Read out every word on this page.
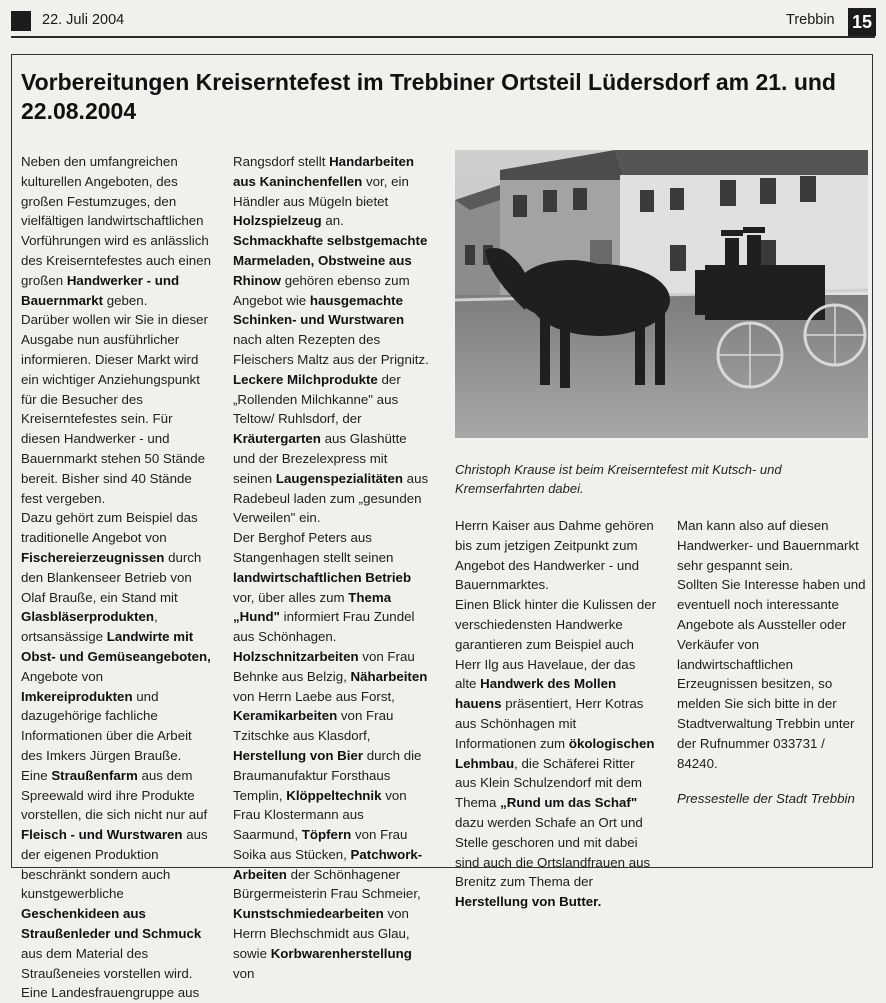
22. Juli 2004	Trebbin 15
Vorbereitungen Kreiserntefest im Trebbiner Ortsteil Lüdersdorf am 21. und 22.08.2004
Neben den umfangreichen kulturellen Angeboten, des großen Festumzuges, den vielfältigen landwirtschaftlichen Vorführungen wird es anlässlich des Kreiserntefestes auch einen großen Handwerker - und Bauernmarkt geben.
Darüber wollen wir Sie in dieser Ausgabe nun ausführlicher informieren. Dieser Markt wird ein wichtiger Anziehungspunkt für die Besucher des Kreiserntefestes sein. Für diesen Handwerker - und Bauernmarkt stehen 50 Stände bereit. Bisher sind 40 Stände fest vergeben.
Dazu gehört zum Beispiel das traditionelle Angebot von Fischereierzeugnissen durch den Blankenseer Betrieb von Olaf Brauße, ein Stand mit Glasbläserprodukten, ortsansässige Landwirte mit Obst- und Gemüseangeboten, Angebote von Imkereiprodukten und dazugehörige fachliche Informationen über die Arbeit des Imkers Jürgen Brauße.
Eine Straußenfarm aus dem Spreewald wird ihre Produkte vorstellen, die sich nicht nur auf Fleisch - und Wurstwaren aus der eigenen Produktion beschränkt sondern auch kunstgewerbliche Geschenkideen aus Straußenleder und Schmuck aus dem Material des Straußeneies vorstellen wird.
Eine Landesfrauengruppe aus
Rangsdorf stellt Handarbeiten aus Kaninchenfellen vor, ein Händler aus Mügeln bietet Holzspielzeug an.
Schmackhafte selbstgemachte Marmeladen, Obstweine aus Rhinow gehören ebenso zum Angebot wie hausgemachte Schinken- und Wurstwaren nach alten Rezepten des Fleischers Maltz aus der Prignitz.
Leckere Milchprodukte der „Rollenden Milchkanne" aus Teltow/ Ruhlsdorf, der Kräutergarten aus Glashütte und der Brezelexpress mit seinen Laugenspezialitäten aus Radebeul laden zum „gesunden Verweilen" ein.
Der Berghof Peters aus Stangenhagen stellt seinen landwirtschaftlichen Betrieb vor, über alles zum Thema „Hund" informiert Frau Zundel aus Schönhagen.
Holzschnitzarbeiten von Frau Behnke aus Belzig, Näharbeiten von Herrn Laebe aus Forst, Keramikarbeiten von Frau Tzitschke aus Klasdorf, Herstellung von Bier durch die Braumanufaktur Forsthaus Templin, Klöppeltechnik von Frau Klostermann aus Saarmund, Töpfern von Frau Soika aus Stücken, Patchwork-Arbeiten der Schönhagener Bürgermeisterin Frau Schmeier, Kunstschmiedearbeiten von Herrn Blechschmidt aus Glau, sowie Korbwarenherstellung von

Christoph Krause ist beim Kreiserntefest mit Kutsch- und Kremserfahrten dabei.

Herrn Kaiser aus Dahme gehören bis zum jetzigen Zeitpunkt zum Angebot des Handwerker - und Bauernmarktes.
Einen Blick hinter die Kulissen der verschiedensten Handwerke garantieren zum Beispiel auch Herr Ilg aus Havelaue, der das alte Handwerk des Mollen hauens präsentiert, Herr Kotras aus Schönhagen mit Informationen zum ökologischen Lehmbau, die Schäferei Ritter aus Klein Schulzendorf mit dem Thema „Rund um das Schaf" dazu werden Schafe an Ort und Stelle geschoren und mit dabei sind auch die Ortslandfrauen aus Brenitz zum Thema der Herstellung von Butter.
Man kann also auf diesen Handwerker- und Bauernmarkt sehr gespannt sein.
Sollten Sie Interesse haben und eventuell noch interessante Angebote als Aussteller oder Verkäufer von landwirtschaftlichen Erzeugnissen besitzen, so melden Sie sich bitte in der Stadtverwaltung Trebbin unter der Rufnummer 033731 / 84240.
Pressestelle der Stadt Trebbin
